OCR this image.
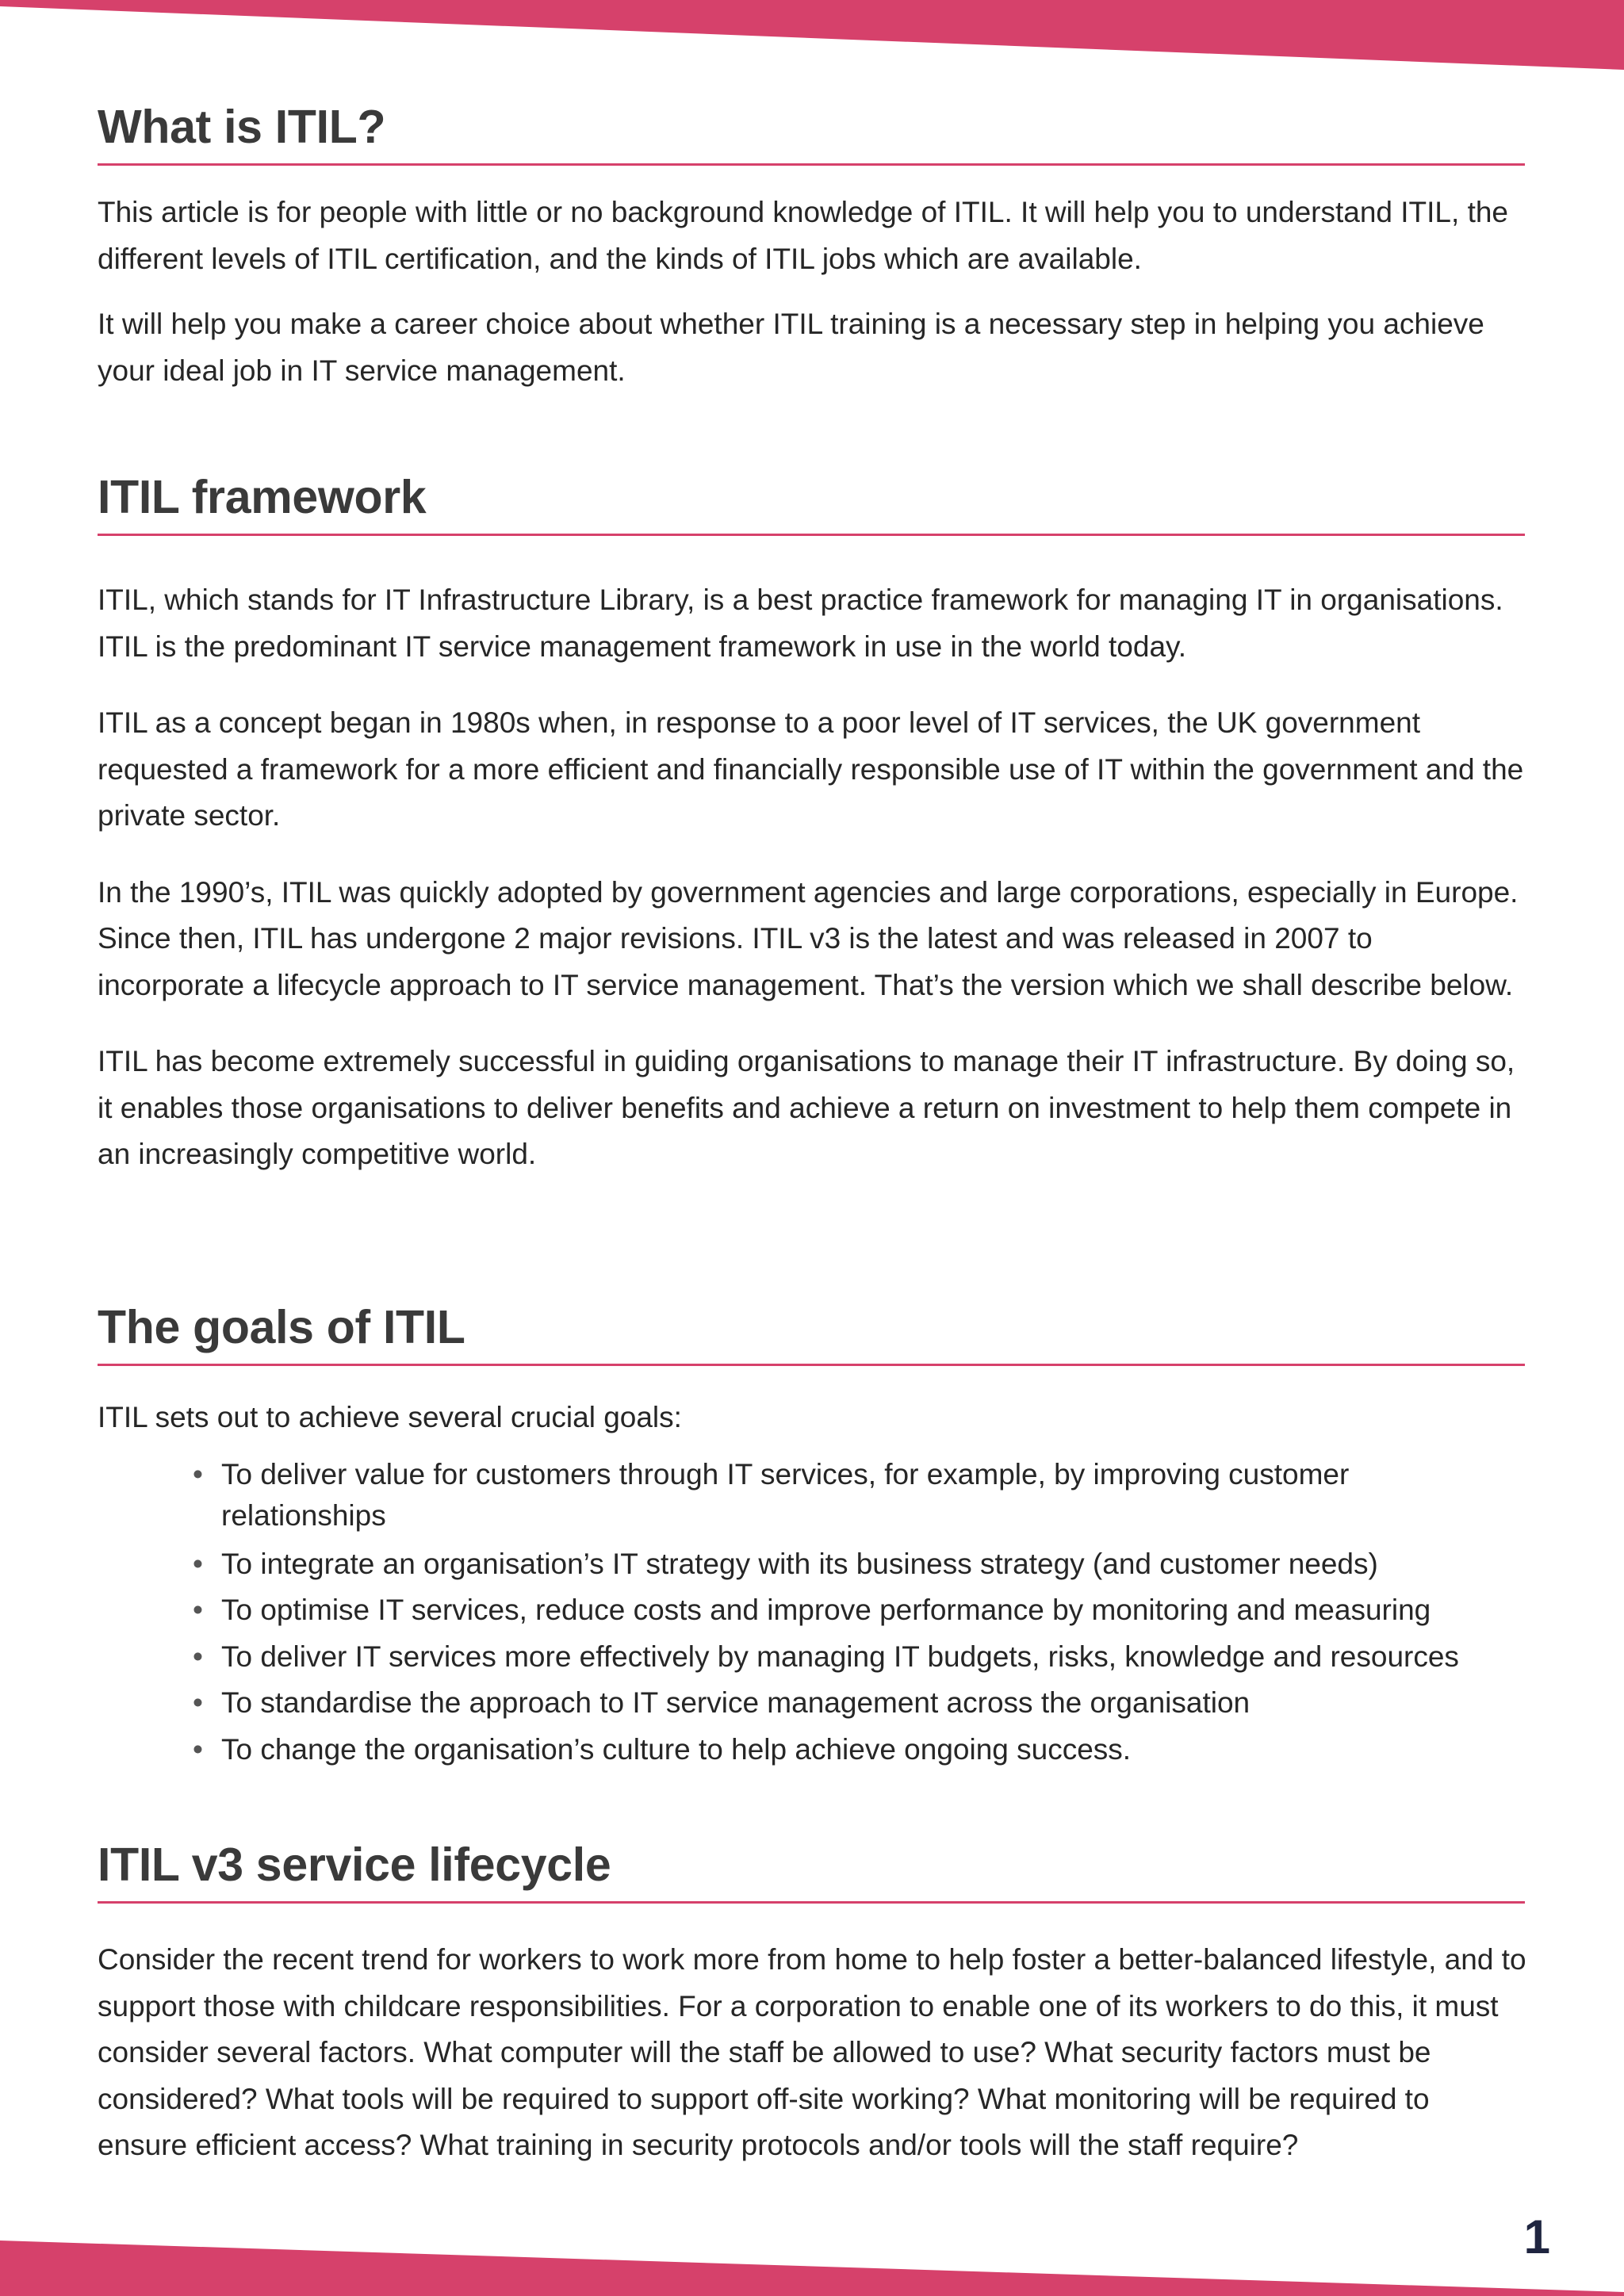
What is ITIL?

This article is for people with little or no background knowledge of ITIL. It will help you to understand ITIL, the different levels of ITIL certification, and the kinds of ITIL jobs which are available.

It will help you make a career choice about whether ITIL training is a necessary step in helping you achieve your ideal job in IT service management.

ITIL framework

ITIL, which stands for IT Infrastructure Library, is a best practice framework for managing IT in organisations. ITIL is the predominant IT service management framework in use in the world today.

ITIL as a concept began in 1980s when, in response to a poor level of IT services, the UK government requested a framework for a more efficient and financially responsible use of IT within the government and the private sector.

In the 1990’s, ITIL was quickly adopted by government agencies and large corporations, especially in Europe. Since then, ITIL has undergone 2 major revisions. ITIL v3 is the latest and was released in 2007 to incorporate a lifecycle approach to IT service management. That’s the version which we shall describe below.

ITIL has become extremely successful in guiding organisations to manage their IT infrastructure. By doing so, it enables those organisations to deliver benefits and achieve a return on investment to help them compete in an increasingly competitive world.

The goals of ITIL

ITIL sets out to achieve several crucial goals:

• To deliver value for customers through IT services, for example, by improving customer relationships
• To integrate an organisation’s IT strategy with its business strategy (and customer needs)
• To optimise IT services, reduce costs and improve performance by monitoring and measuring
• To deliver IT services more effectively by managing IT budgets, risks, knowledge and resources
• To standardise the approach to IT service management across the organisation
• To change the organisation’s culture to help achieve ongoing success.
ITIL v3 service lifecycle

Consider the recent trend for workers to work more from home to help foster a better-balanced lifestyle, and to support those with childcare responsibilities. For a corporation to enable one of its workers to do this, it must consider several factors. What computer will the staff be allowed to use? What security factors must be considered? What tools will be required to support off-site working? What monitoring will be required to ensure efficient access? What training in security protocols and/or tools will the staff require?

1
